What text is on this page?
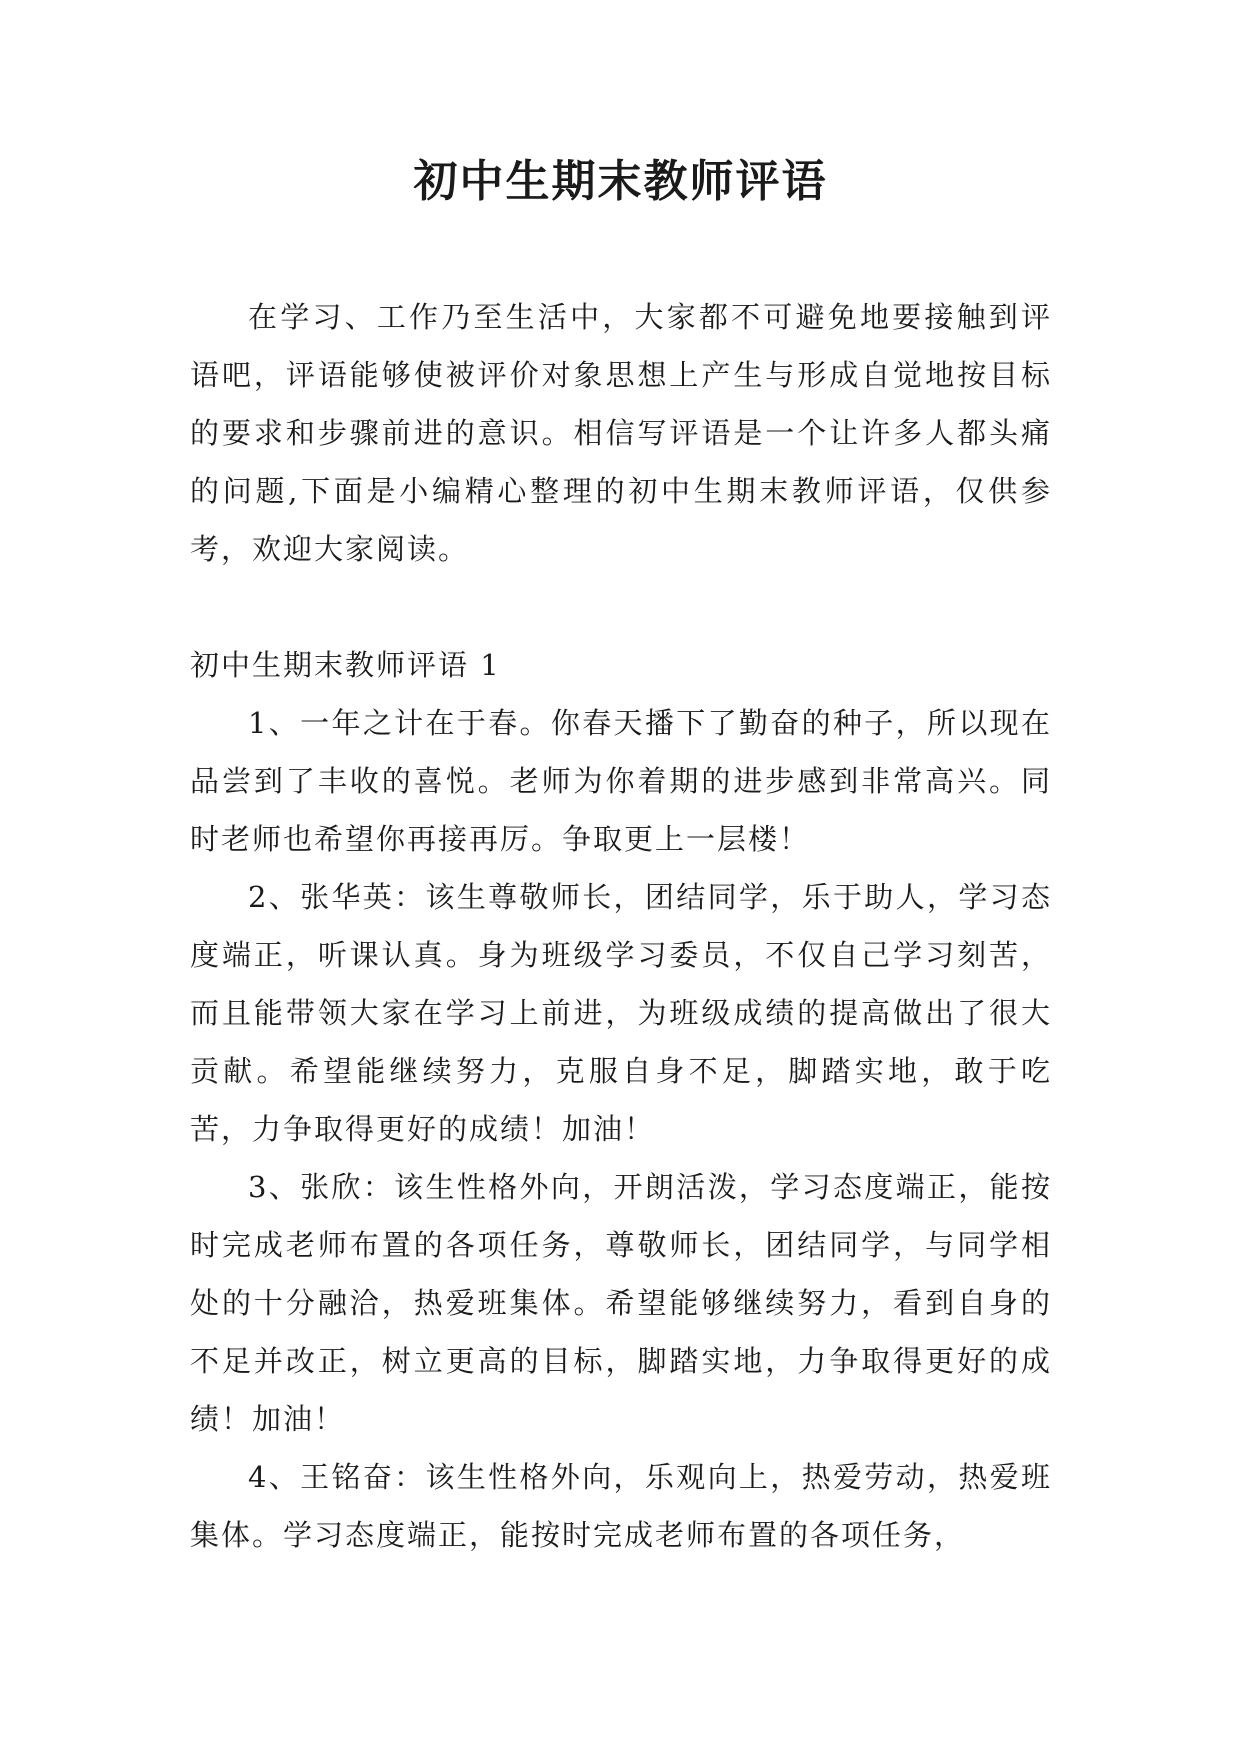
初中生期末教师评语

在学习、工作乃至生活中，大家都不可避免地要接触到评语吧，评语能够使被评价对象思想上产生与形成自觉地按目标的要求和步骤前进的意识。相信写评语是一个让许多人都头痛的问题,下面是小编精心整理的初中生期末教师评语，仅供参考，欢迎大家阅读。

初中生期末教师评语 1

1、一年之计在于春。你春天播下了勤奋的种子，所以现在品尝到了丰收的喜悦。老师为你着期的进步感到非常高兴。同时老师也希望你再接再厉。争取更上一层楼！

2、张华英：该生尊敬师长，团结同学，乐于助人，学习态度端正，听课认真。身为班级学习委员，不仅自己学习刻苦，而且能带领大家在学习上前进，为班级成绩的提高做出了很大贡献。希望能继续努力，克服自身不足，脚踏实地，敢于吃苦，力争取得更好的成绩！加油！

3、张欣：该生性格外向，开朗活泼，学习态度端正，能按时完成老师布置的各项任务，尊敬师长，团结同学，与同学相处的十分融洽，热爱班集体。希望能够继续努力，看到自身的不足并改正，树立更高的目标，脚踏实地，力争取得更好的成绩！加油！

4、王铭奋：该生性格外向，乐观向上，热爱劳动，热爱班集体。学习态度端正，能按时完成老师布置的各项任务，
